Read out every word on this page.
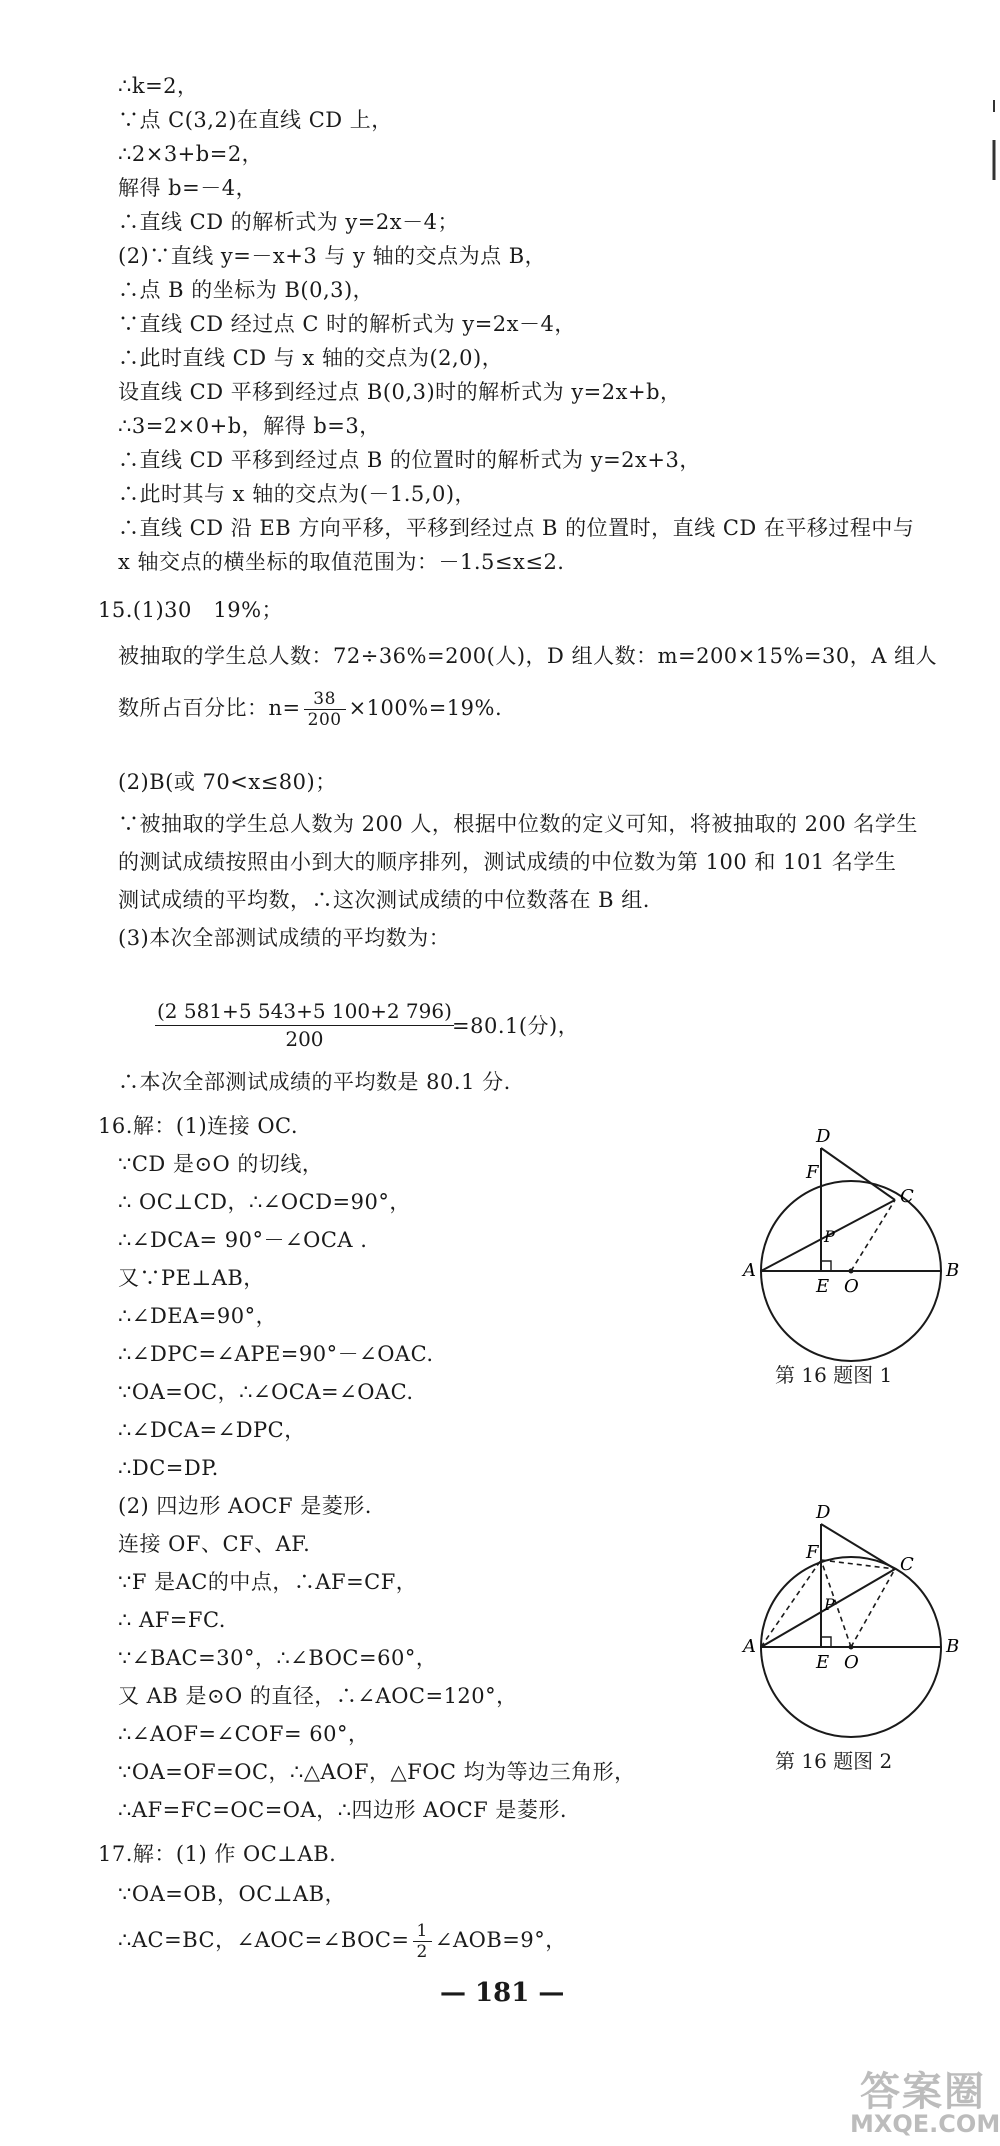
∴k=2，
∵点 C(3,2)在直线 CD 上，
∴2×3+b=2，
解得 b=－4，
∴直线 CD 的解析式为 y=2x－4；
(2)∵直线 y=－x+3 与 y 轴的交点为点 B，
∴点 B 的坐标为 B(0,3)，
∵直线 CD 经过点 C 时的解析式为 y=2x－4，
∴此时直线 CD 与 x 轴的交点为(2,0)，
设直线 CD 平移到经过点 B(0,3)时的解析式为 y=2x+b，
∴3=2×0+b，解得 b=3，
∴直线 CD 平移到经过点 B 的位置时的解析式为 y=2x+3，
∴此时其与 x 轴的交点为(－1.5,0)，
∴直线 CD 沿 EB 方向平移，平移到经过点 B 的位置时，直线 CD 在平移过程中与
x 轴交点的横坐标的取值范围为：－1.5≤x≤2.
15.(1)30　19%；
被抽取的学生总人数：72÷36%=200(人)，D 组人数：m=200×15%=30，A 组人
数所占百分比：$n= \frac{38}{200} \times 100\%=19\%$.
(2)B(或 70<x≤80)；
∵被抽取的学生总人数为 200 人，根据中位数的定义可知，将被抽取的 200 名学生
的测试成绩按照由小到大的顺序排列，测试成绩的中位数为第 100 和 101 名学生
测试成绩的平均数，∴这次测试成绩的中位数落在 B 组.
(3)本次全部测试成绩的平均数为：
$\frac{(2 581+5 543+5 100+2 796)}{200}$
=80.1(分)，
∴本次全部测试成绩的平均数是 80.1 分.
16.解：(1)连接 OC.
∵CD 是⊙O 的切线，
∴ OC⊥CD，∴∠OCD=90°，
∴∠DCA= 90°－∠OCA .
又∵PE⊥AB，
∴∠DEA=90°，
∴∠DPC=∠APE=90°－∠OAC.
∵OA=OC，∴∠OCA=∠OAC.
∴∠DCA=∠DPC，
∴DC=DP.
(2) 四边形 AOCF 是菱形.
连接 OF、CF、AF.
∵F 是AC的中点，∴AF=CF，
∴ AF=FC.
∵∠BAC=30°，∴∠BOC=60°，
又 AB 是⊙O 的直径，∴∠AOC=120°，
∴∠AOF=∠COF= 60°，
∵OA=OF=OC，∴△AOF，△FOC 均为等边三角形，
∴AF=FC=OC=OA，∴四边形 AOCF 是菱形.
17.解：(1) 作 OC⊥AB.
∵OA=OB，OC⊥AB，
∴AC=BC，∠AOC=∠BOC= $\frac{1}{2}$ ∠AOB=9°，
D
F
C
P
A
E O
B
第 16 题图 1
D
F
C
P
A
E O
B
第 16 题图 2
— 181 —
答案圈
MXQE.COM
